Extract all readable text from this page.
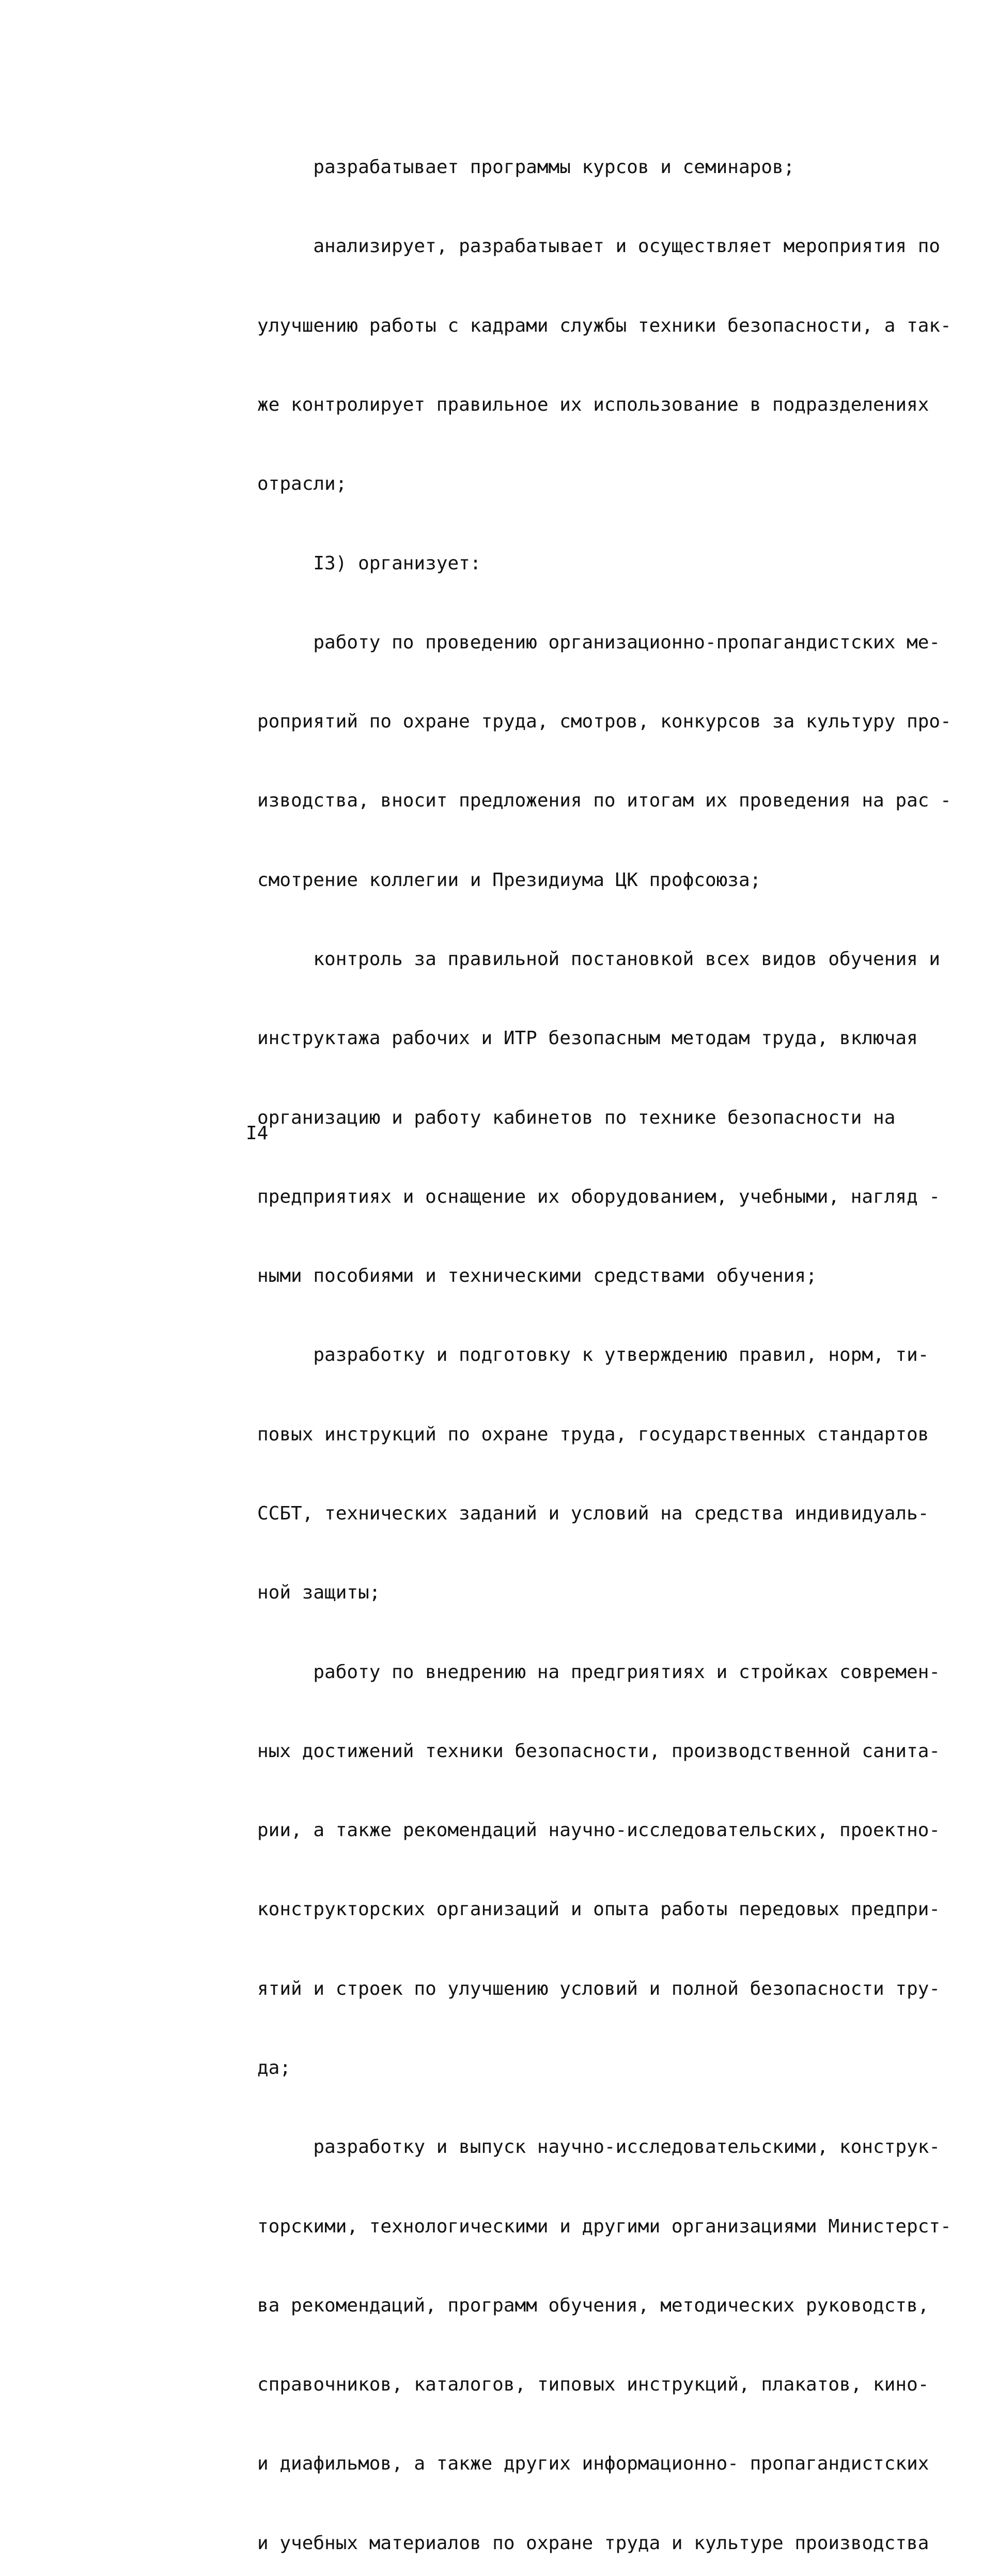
разрабатывает программы курсов и семинаров;

анализирует, разрабатывает и осуществляет мероприятия по

улучшению работы с кадрами службы техники безопасности, а так-

же контролирует правильное их использование в подразделениях

отрасли;

I3) организует:

работу по проведению организационно-пропагандистских ме-

роприятий по охране труда, смотров, конкурсов за культуру про-

изводства, вносит предложения по итогам их проведения на рас -

смотрение коллегии и Президиума ЦК профсоюза;

контроль за правильной постановкой всех видов обучения и

инструктажа рабочих и ИТР безопасным методам труда, включая

организацию и работу кабинетов по технике безопасности на

предприятиях и оснащение их оборудованием, учебными, нагляд -

ными пособиями и техническими средствами обучения;

разработку и подготовку к утверждению правил, норм, ти-

повых инструкций по охране труда, государственных стандартов

ССБТ, технических заданий и условий на средства индивидуаль-

ной защиты;

работу по внедрению на предгриятиях и стройках современ-

ных достижений техники безопасности, производственной санита-

рии, а также рекомендаций научно-исследовательских, проектно-

конструкторских организаций и опыта работы передовых предпри-

ятий и строек по улучшению условий и полной безопасности тру-

да;

разработку и выпуск научно-исследовательскими, конструк-

торскими, технологическими и другими организациями Министерст-

ва рекомендаций, программ обучения, методических руководств,

справочников, каталогов, типовых инструкций, плакатов, кино-

и диафильмов, а также других информационно- пропагандистских

и учебных материалов по охране труда и культуре производства

I4
